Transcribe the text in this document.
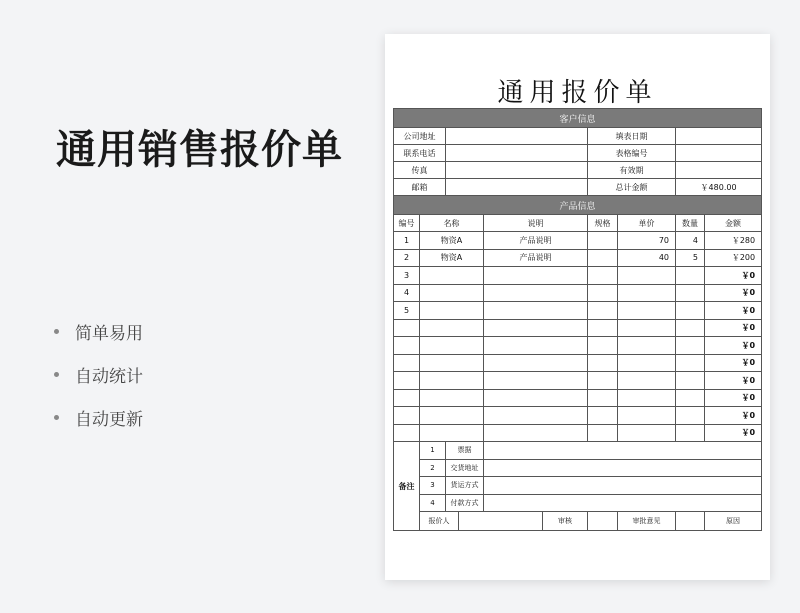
通用销售报价单
简单易用
自动统计
自动更新
通用报价单
客户信息										
公司地址						填表日期				
联系电话						表格编号				
传真						有效期				
邮箱						总计金额		￥480.00		
产品信息										
编号	名称			说明		规格	单价	数量	金额	
1	物资A			产品说明			70	4	￥280	
2	物资A			产品说明			40	5	￥200	
3									￥0	
4									￥0	
5									￥0	
									￥0	
									￥0	
									￥0	
									￥0	
									￥0	
									￥0	
									￥0	
备注	1	票据								
	2	交货地址								
	3	货运方式								
	4	付款方式								
	报价人				审核		审批意见		原因	
